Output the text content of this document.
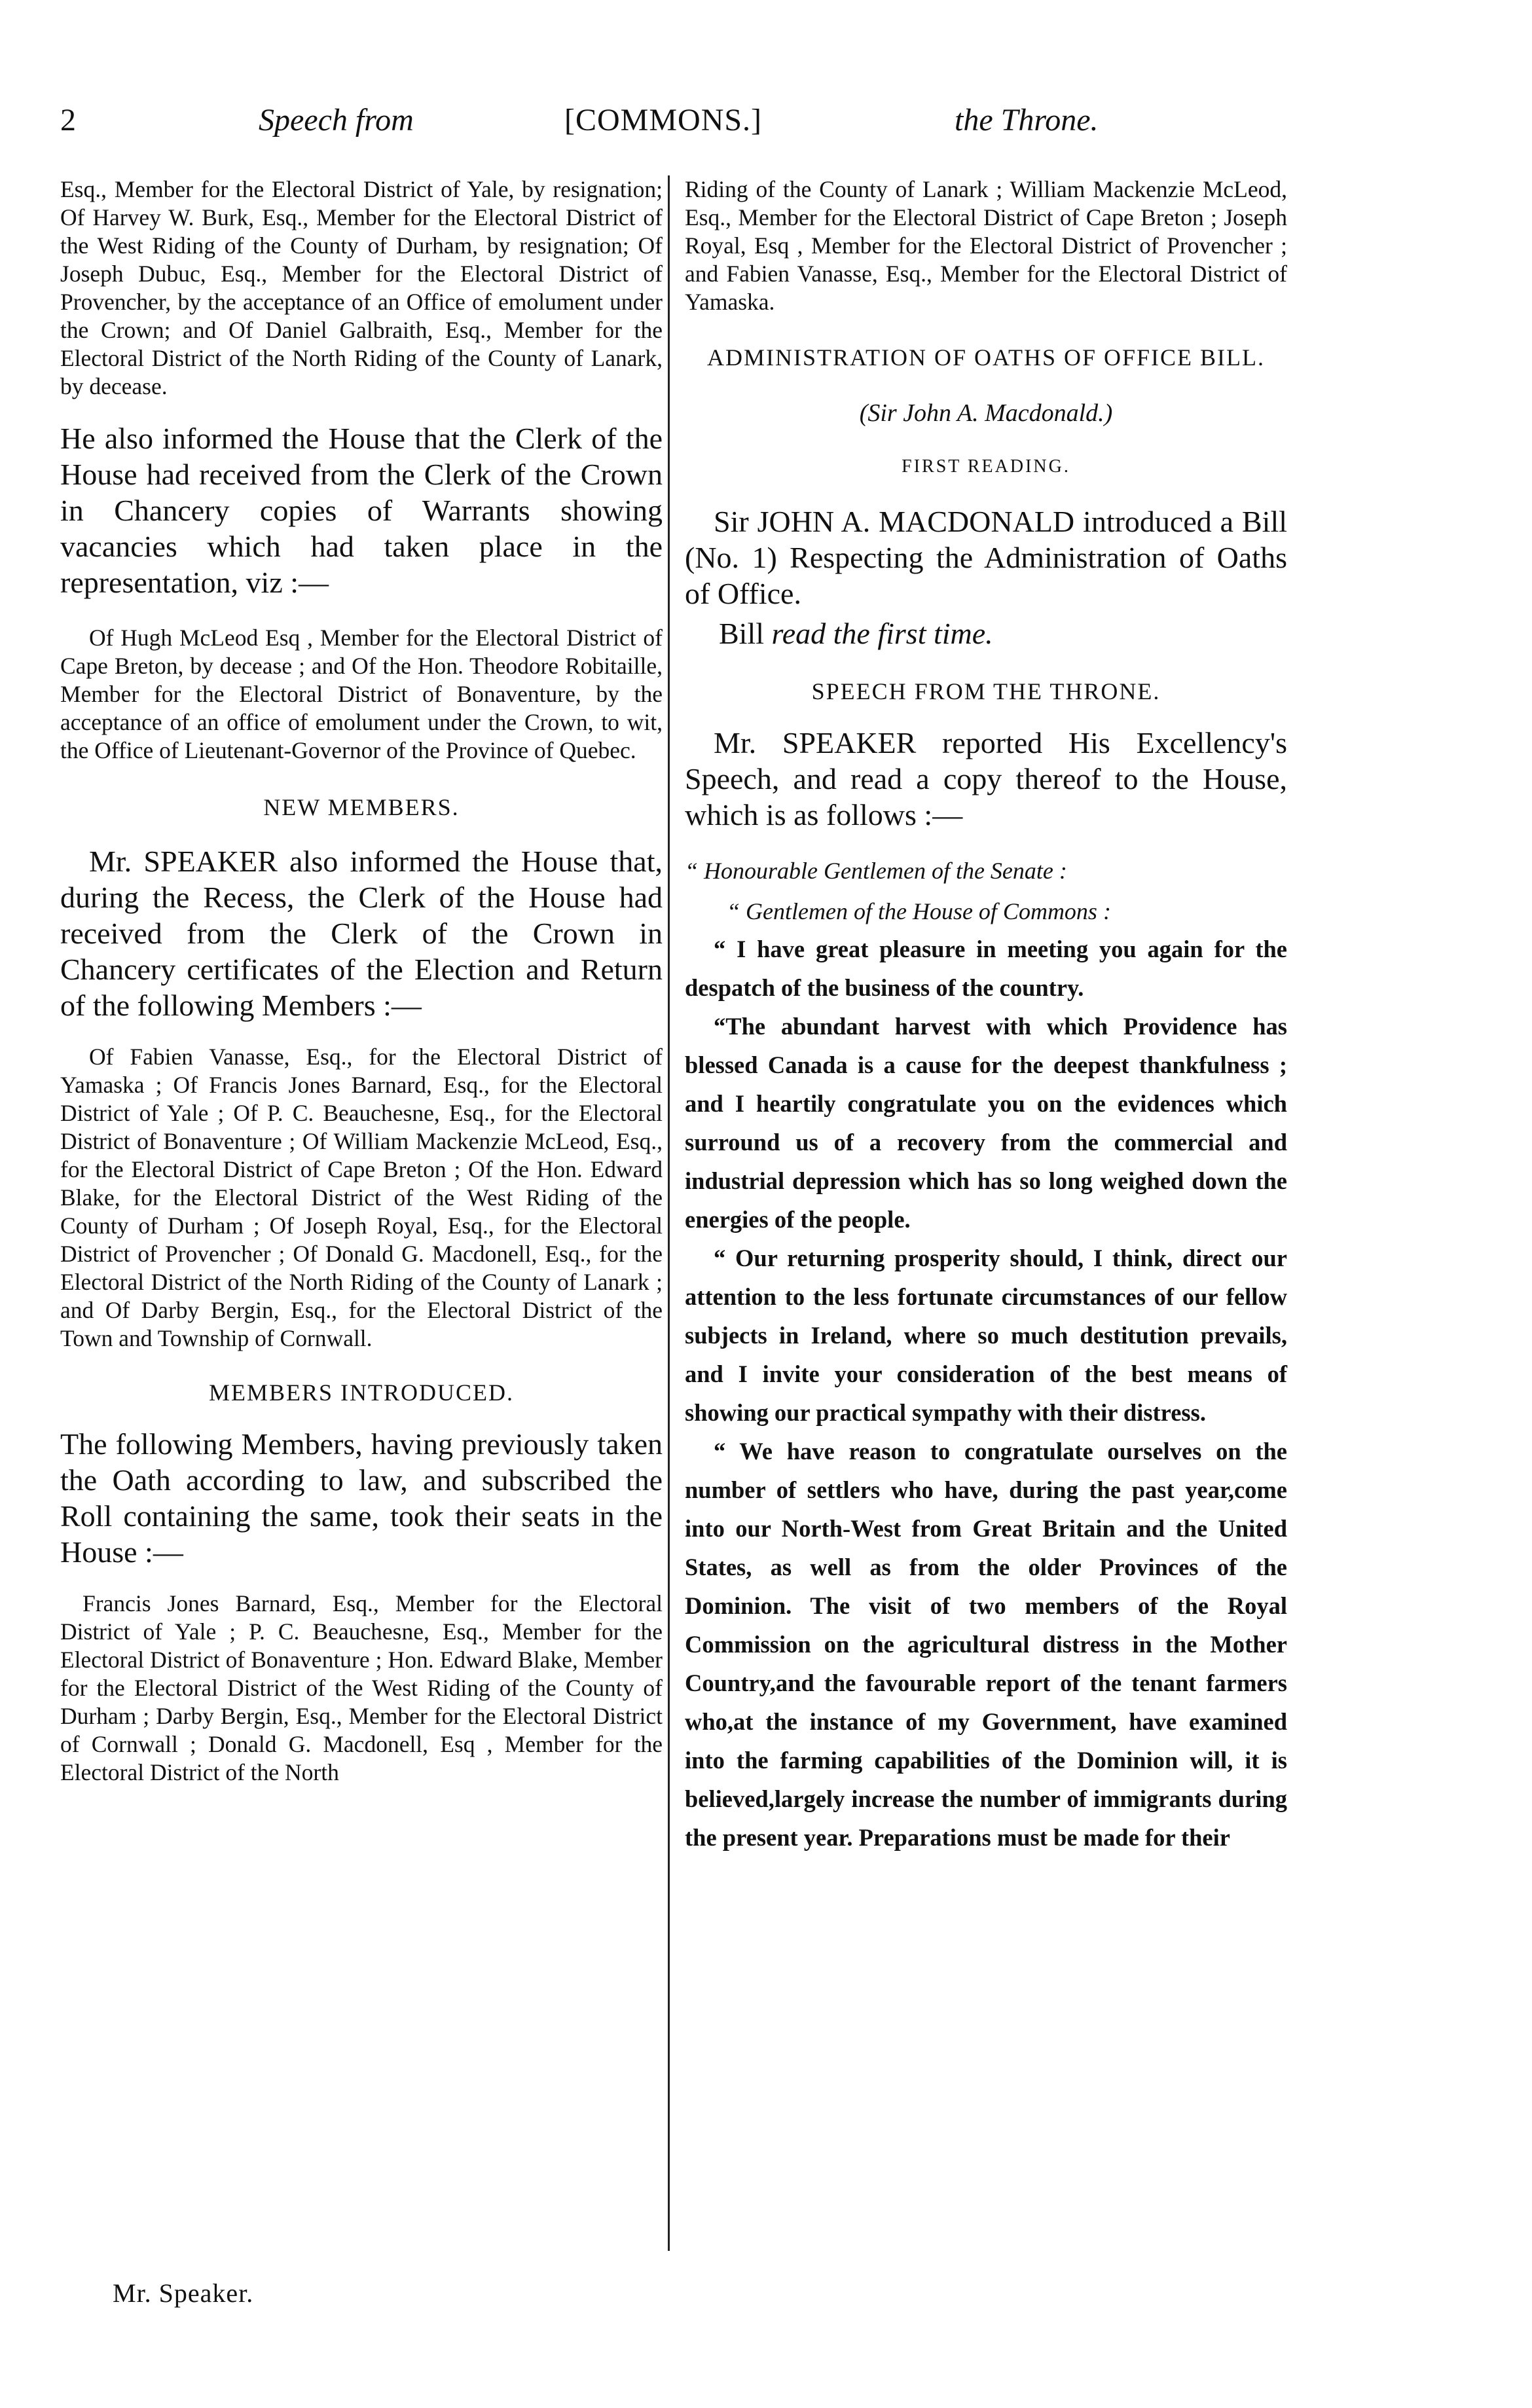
2	Speech from	[COMMONS.]	the Throne.

Esq., Member for the Electoral District of Yale, by resignation; Of Harvey W. Burk, Esq., Member for the Electoral District of the West Riding of the County of Durham, by resignation; Of Joseph Dubuc, Esq., Member for the Electoral District of Provencher, by the acceptance of an Office of emolument under the Crown; and Of Daniel Galbraith, Esq., Member for the Electoral District of the North Riding of the County of Lanark, by decease.

He also informed the House that the Clerk of the House had received from the Clerk of the Crown in Chancery copies of Warrants showing vacancies which had taken place in the representation, viz :—

Of Hugh McLeod Esq , Member for the Electoral District of Cape Breton, by decease ; and Of the Hon. Theodore Robitaille, Member for the Electoral District of Bonaventure, by the acceptance of an office of emolument under the Crown, to wit, the Office of Lieutenant-Governor of the Province of Quebec.

NEW MEMBERS.

Mr. SPEAKER also informed the House that, during the Recess, the Clerk of the House had received from the Clerk of the Crown in Chancery certificates of the Election and Return of the following Members :—

Of Fabien Vanasse, Esq., for the Electoral District of Yamaska ; Of Francis Jones Barnard, Esq., for the Electoral District of Yale ; Of P. C. Beauchesne, Esq., for the Electoral District of Bonaventure ; Of William Mackenzie McLeod, Esq., for the Electoral District of Cape Breton ; Of the Hon. Edward Blake, for the Electoral District of the West Riding of the County of Durham ; Of Joseph Royal, Esq., for the Electoral District of Provencher ; Of Donald G. Macdonell, Esq., for the Electoral District of the North Riding of the County of Lanark ; and Of Darby Bergin, Esq., for the Electoral District of the Town and Township of Cornwall.

MEMBERS INTRODUCED.

The following Members, having previously taken the Oath according to law, and subscribed the Roll containing the same, took their seats in the House :—

Francis Jones Barnard, Esq., Member for the Electoral District of Yale ; P. C. Beauchesne, Esq., Member for the Electoral District of Bonaventure ; Hon. Edward Blake, Member for the Electoral District of the West Riding of the County of Durham ; Darby Bergin, Esq., Member for the Electoral District of Cornwall ; Donald G. Macdonell, Esq , Member for the Electoral District of the North

Riding of the County of Lanark ; William Mackenzie McLeod, Esq., Member for the Electoral District of Cape Breton ; Joseph Royal, Esq , Member for the Electoral District of Provencher ; and Fabien Vanasse, Esq., Member for the Electoral District of Yamaska.

ADMINISTRATION OF OATHS OF OFFICE BILL.

(Sir John A. Macdonald.)

FIRST READING.

Sir JOHN A. MACDONALD introduced a Bill (No. 1) Respecting the Administration of Oaths of Office.

Bill read the first time.

SPEECH FROM THE THRONE.

Mr. SPEAKER reported His Excellency's Speech, and read a copy thereof to the House, which is as follows :—

“ Honourable Gentlemen of the Senate :

“ Gentlemen of the House of Commons :

“ I have great pleasure in meeting you again for the despatch of the business of the country.

“The abundant harvest with which Providence has blessed Canada is a cause for the deepest thankfulness ; and I heartily congratulate you on the evidences which surround us of a recovery from the commercial and industrial depression which has so long weighed down the energies of the people.

“ Our returning prosperity should, I think, direct our attention to the less fortunate circumstances of our fellow subjects in Ireland, where so much destitution prevails, and I invite your consideration of the best means of showing our practical sympathy with their distress.

“ We have reason to congratulate ourselves on the number of settlers who have, during the past year,come into our North-West from Great Britain and the United States, as well as from the older Provinces of the Dominion. The visit of two members of the Royal Commission on the agricultural distress in the Mother Country,and the favourable report of the tenant farmers who,at the instance of my Government, have examined into the farming capabilities of the Dominion will, it is believed,largely increase the number of immigrants during the present year. Preparations must be made for their

Mr. Speaker.
